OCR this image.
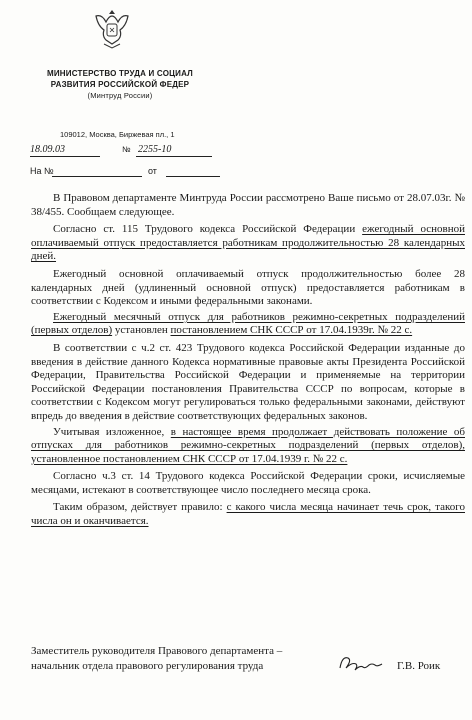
МИНИСТЕРСТВО ТРУДА И СОЦИАЛ
РАЗВИТИЯ РОССИЙСКОЙ ФЕДЕР
(Минтруд России)
109012, Москва, Биржевая пл., 1
18.09.03	№ 2255-10
На №	от

В Правовом департаменте Минтруда России рассмотрено Ваше письмо от 28.07.03г. № 38/455. Сообщаем следующее.

Согласно ст. 115 Трудового кодекса Российской Федерации ежегодный основной оплачиваемый отпуск предоставляется работникам продолжительностью 28 календарных дней.

Ежегодный основной оплачиваемый отпуск продолжительностью более 28 календарных дней (удлиненный основной отпуск) предоставляется работникам в соответствии с Кодексом и иными федеральными законами.

Ежегодный месячный отпуск для работников режимно-секретных подразделений (первых отделов) установлен постановлением СНК СССР от 17.04.1939г. № 22 с.

В соответствии с ч.2 ст. 423 Трудового кодекса Российской Федерации изданные до введения в действие данного Кодекса нормативные правовые акты Президента Российской Федерации, Правительства Российской Федерации и применяемые на территории Российской Федерации постановления Правительства СССР по вопросам, которые в соответствии с Кодексом могут регулироваться только федеральными законами, действуют впредь до введения в действие соответствующих федеральных законов.

Учитывая изложенное, в настоящее время продолжает действовать положение об отпусках для работников режимно-секретных подразделений (первых отделов), установленное постановлением СНК СССР от 17.04.1939 г. № 22 с.

Согласно ч.3 ст. 14 Трудового кодекса Российской Федерации сроки, исчисляемые месяцами, истекают в соответствующее число последнего месяца срока.

Таким образом, действует правило: с какого числа месяца начинает течь срок, такого числа он и оканчивается.

Заместитель руководителя Правового департамента –
начальник отдела правового регулирования труда	Г.В. Роик
